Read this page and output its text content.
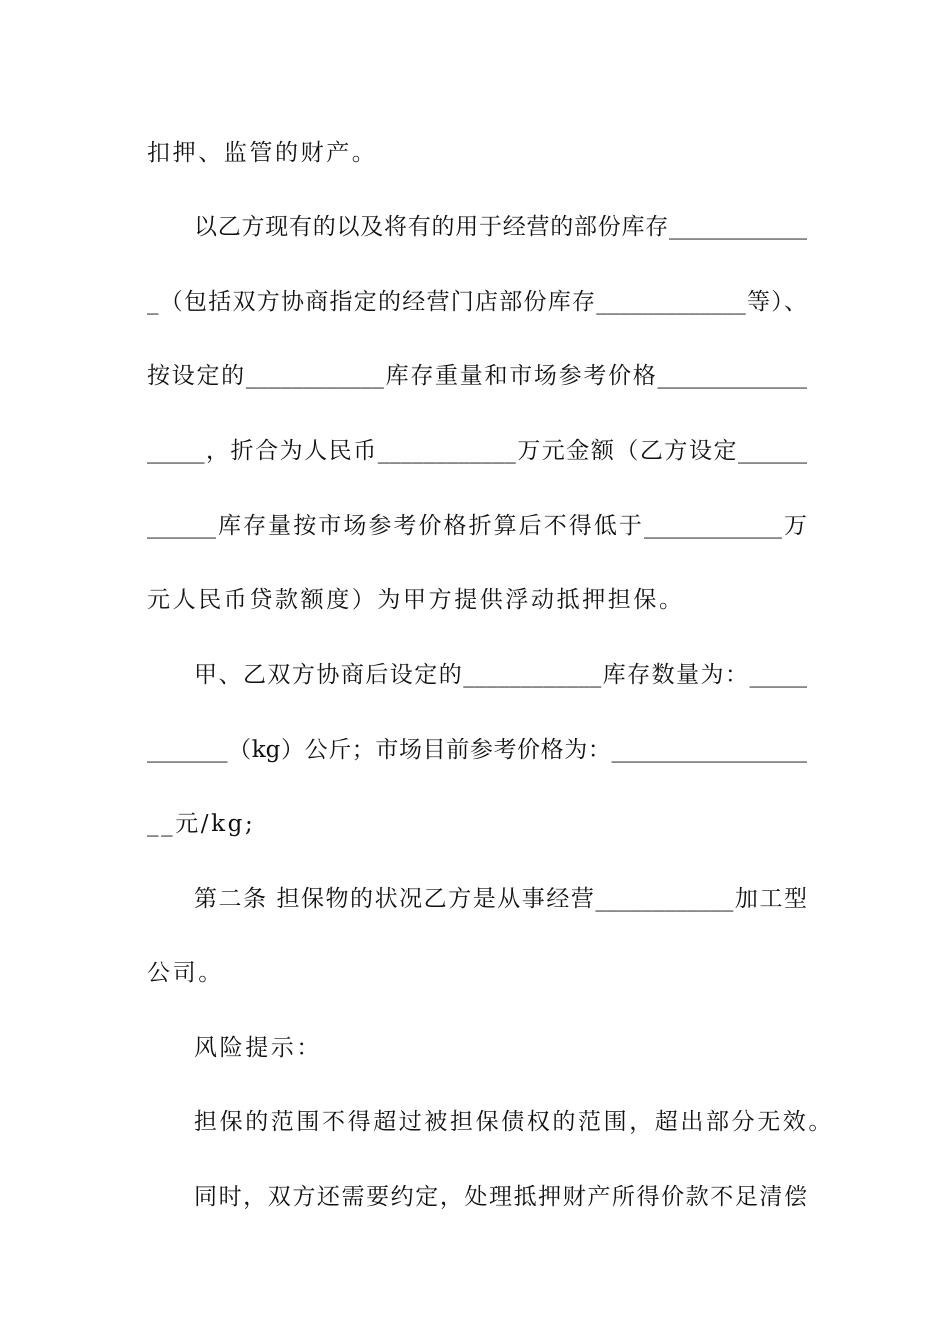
扣押、监管的财产。
以乙方现有的以及将有的用于经营的部份库存____________
_（包括双方协商指定的经营门店部份库存_____________等）、
按设定的____________库存重量和市场参考价格_____________
_____，折合为人民币____________万元金额（乙方设定______
______库存量按市场参考价格折算后不得低于____________万
元人民币贷款额度）为甲方提供浮动抵押担保。
甲、乙双方协商后设定的____________库存数量为：_____
_______（kg）公斤；市场目前参考价格为：_________________
__元/kg;
第二条 担保物的状况乙方是从事经营____________加工型
公司。
风险提示：
担保的范围不得超过被担保债权的范围，超出部分无效。
同时，双方还需要约定，处理抵押财产所得价款不足清偿
